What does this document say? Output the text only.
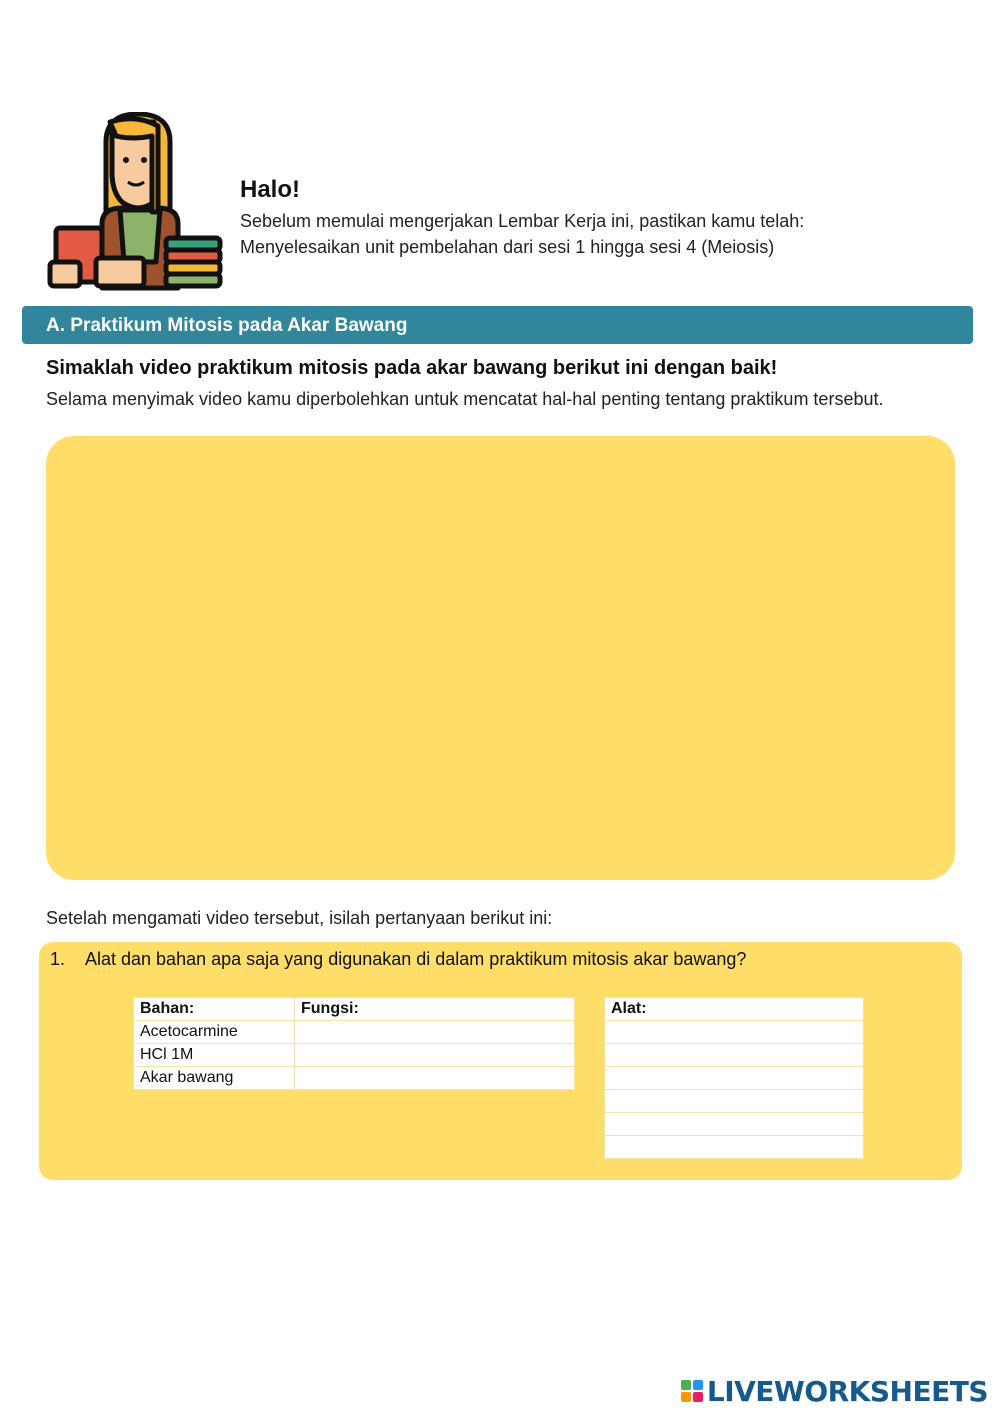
Halo!
Sebelum memulai mengerjakan Lembar Kerja ini, pastikan kamu telah:
Menyelesaikan unit pembelahan dari sesi 1 hingga sesi 4 (Meiosis)
A. Praktikum Mitosis pada Akar Bawang
Simaklah video praktikum mitosis pada akar bawang berikut ini dengan baik!
Selama menyimak video kamu diperbolehkan untuk mencatat hal-hal penting tentang praktikum tersebut.
Setelah mengamati video tersebut, isilah pertanyaan berikut ini:
1. Alat dan bahan apa saja yang digunakan di dalam praktikum mitosis akar bawang?
Bahan:	Fungsi:
Acetocarmine	
HCl 1M	
Akar bawang	
Alat:

LIVEWORKSHEETS
